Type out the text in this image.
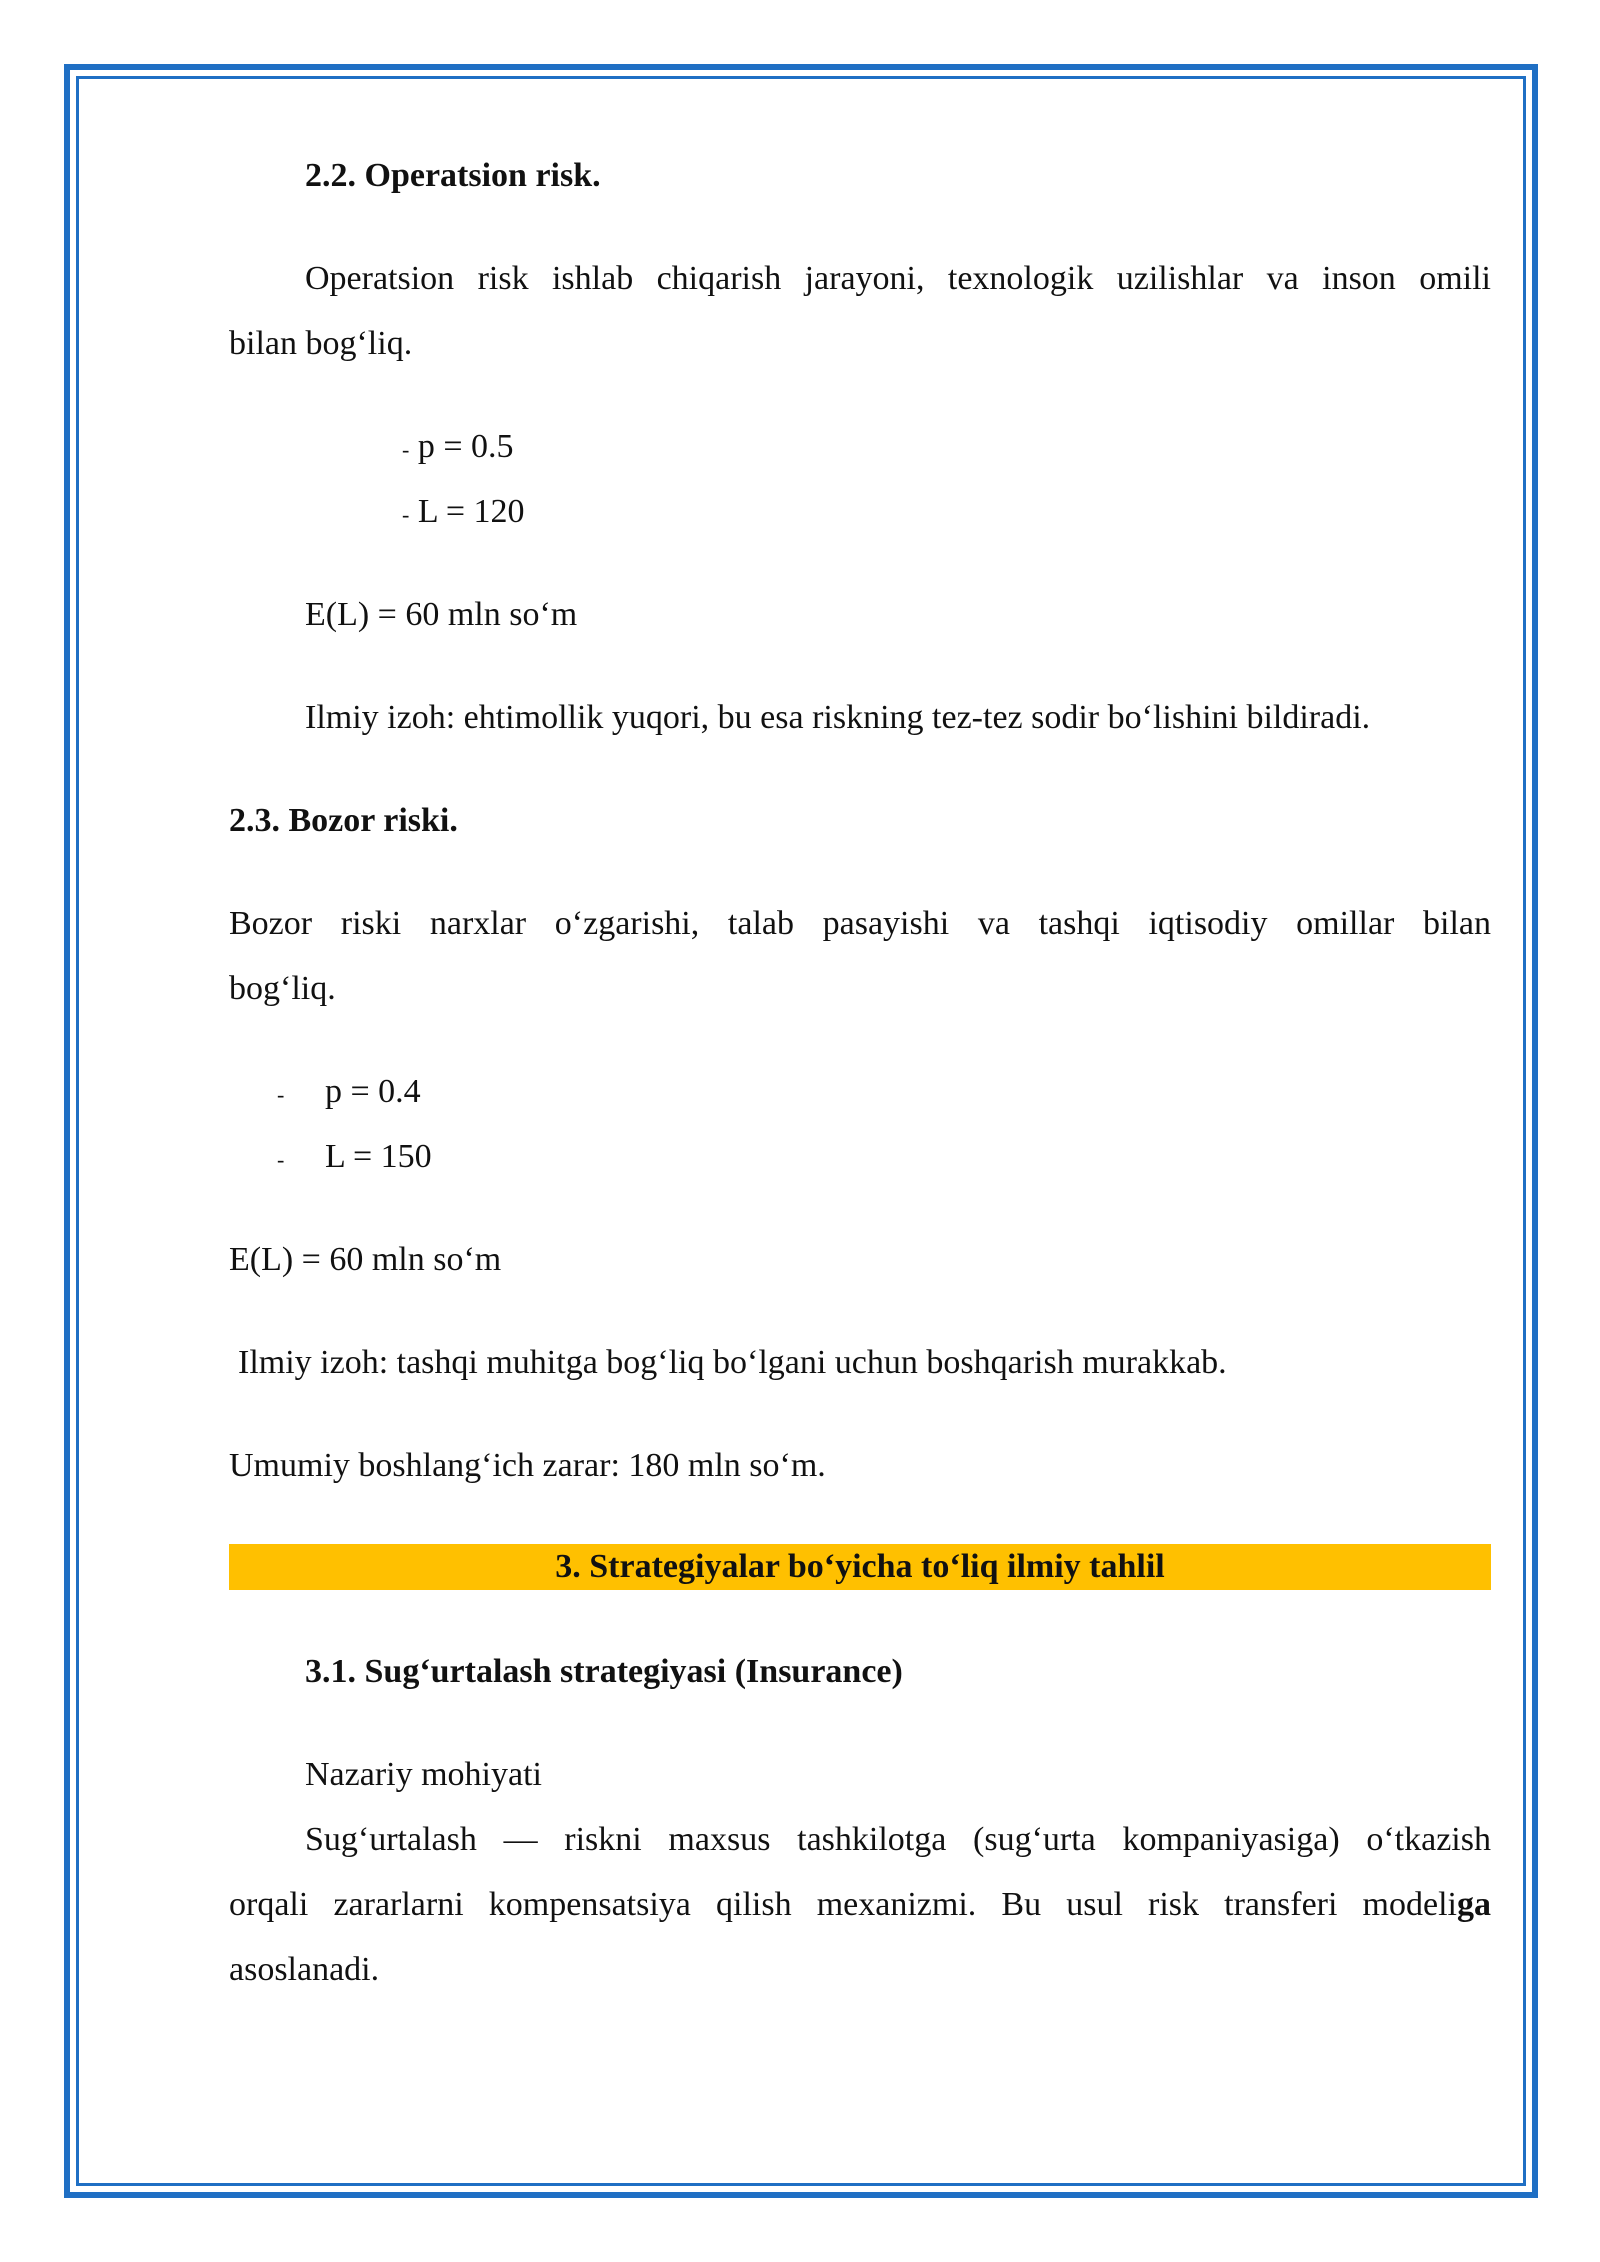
2.2. Operatsion risk.
Operatsion risk ishlab chiqarish jarayoni, texnologik uzilishlar va inson omili
bilan bog‘liq.
- p = 0.5
- L = 120
E(L) = 60 mln so‘m
Ilmiy izoh: ehtimollik yuqori, bu esa riskning tez-tez sodir bo‘lishini bildiradi.
2.3. Bozor riski.
Bozor riski narxlar o‘zgarishi, talab pasayishi va tashqi iqtisodiy omillar bilan
bog‘liq.
- p = 0.4
- L = 150
E(L) = 60 mln so‘m
Ilmiy izoh: tashqi muhitga bog‘liq bo‘lgani uchun boshqarish murakkab.
Umumiy boshlang‘ich zarar: 180 mln so‘m.
3.1. Sug‘urtalash strategiyasi (Insurance)
Nazariy mohiyati
Sug‘urtalash — riskni maxsus tashkilotga (sug‘urta kompaniyasiga) o‘tkazish
orqali zararlarni kompensatsiya qilish mexanizmi. Bu usul risk transferi modeliga
asoslanadi.
3. Strategiyalar bo‘yicha to‘liq ilmiy tahlil
